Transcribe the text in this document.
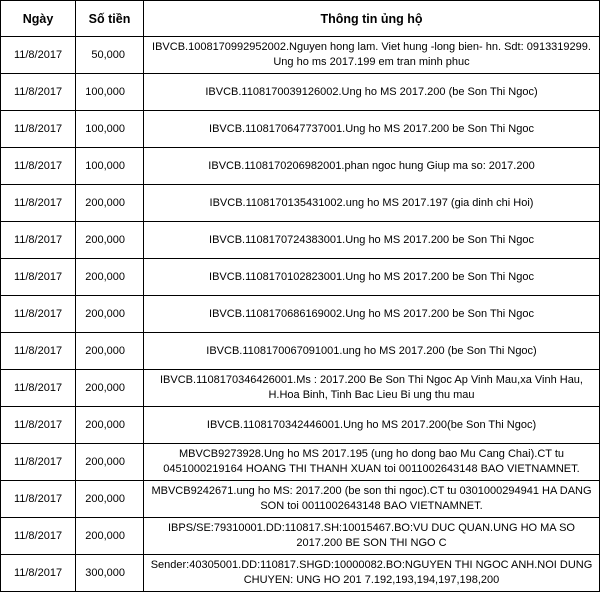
Ngày	Số tiền	Thông tin ủng hộ
11/8/2017	50,000	IBVCB.1008170992952002.Nguyen hong lam. Viet hung -long bien- hn. Sdt: 0913319299. Ung ho ms 2017.199 em tran minh phuc
11/8/2017	100,000	IBVCB.1108170039126002.Ung ho MS 2017.200 (be Son Thi Ngoc)
11/8/2017	100,000	IBVCB.1108170647737001.Ung ho MS 2017.200 be Son Thi Ngoc
11/8/2017	100,000	IBVCB.1108170206982001.phan ngoc hung Giup ma so: 2017.200
11/8/2017	200,000	IBVCB.1108170135431002.ung ho MS 2017.197 (gia dinh chi Hoi)
11/8/2017	200,000	IBVCB.1108170724383001.Ung ho MS 2017.200 be Son Thi Ngoc
11/8/2017	200,000	IBVCB.1108170102823001.Ung ho MS 2017.200 be Son Thi Ngoc
11/8/2017	200,000	IBVCB.1108170686169002.Ung ho MS 2017.200 be Son Thi Ngoc
11/8/2017	200,000	IBVCB.1108170067091001.ung ho MS 2017.200 (be Son Thi Ngoc)
11/8/2017	200,000	IBVCB.1108170346426001.Ms : 2017.200 Be Son Thi Ngoc Ap Vinh Mau,xa Vinh Hau, H.Hoa Binh, Tinh Bac Lieu Bi ung thu mau
11/8/2017	200,000	IBVCB.1108170342446001.Ung ho MS 2017.200(be Son Thi Ngoc)
11/8/2017	200,000	MBVCB9273928.Ung ho MS 2017.195 (ung ho dong bao Mu Cang Chai).CT tu 0451000219164 HOANG THI THANH XUAN toi 0011002643148 BAO VIETNAMNET.
11/8/2017	200,000	MBVCB9242671.ung ho MS: 2017.200 (be son thi ngoc).CT tu 0301000294941 HA DANG SON toi 0011002643148 BAO VIETNAMNET.
11/8/2017	200,000	IBPS/SE:79310001.DD:110817.SH:10015467.BO:VU DUC QUAN.UNG HO MA SO 2017.200 BE SON THI NGO C
11/8/2017	300,000	Sender:40305001.DD:110817.SHGD:10000082.BO:NGUYEN THI NGOC ANH.NOI DUNG CHUYEN: UNG HO 201 7.192,193,194,197,198,200
